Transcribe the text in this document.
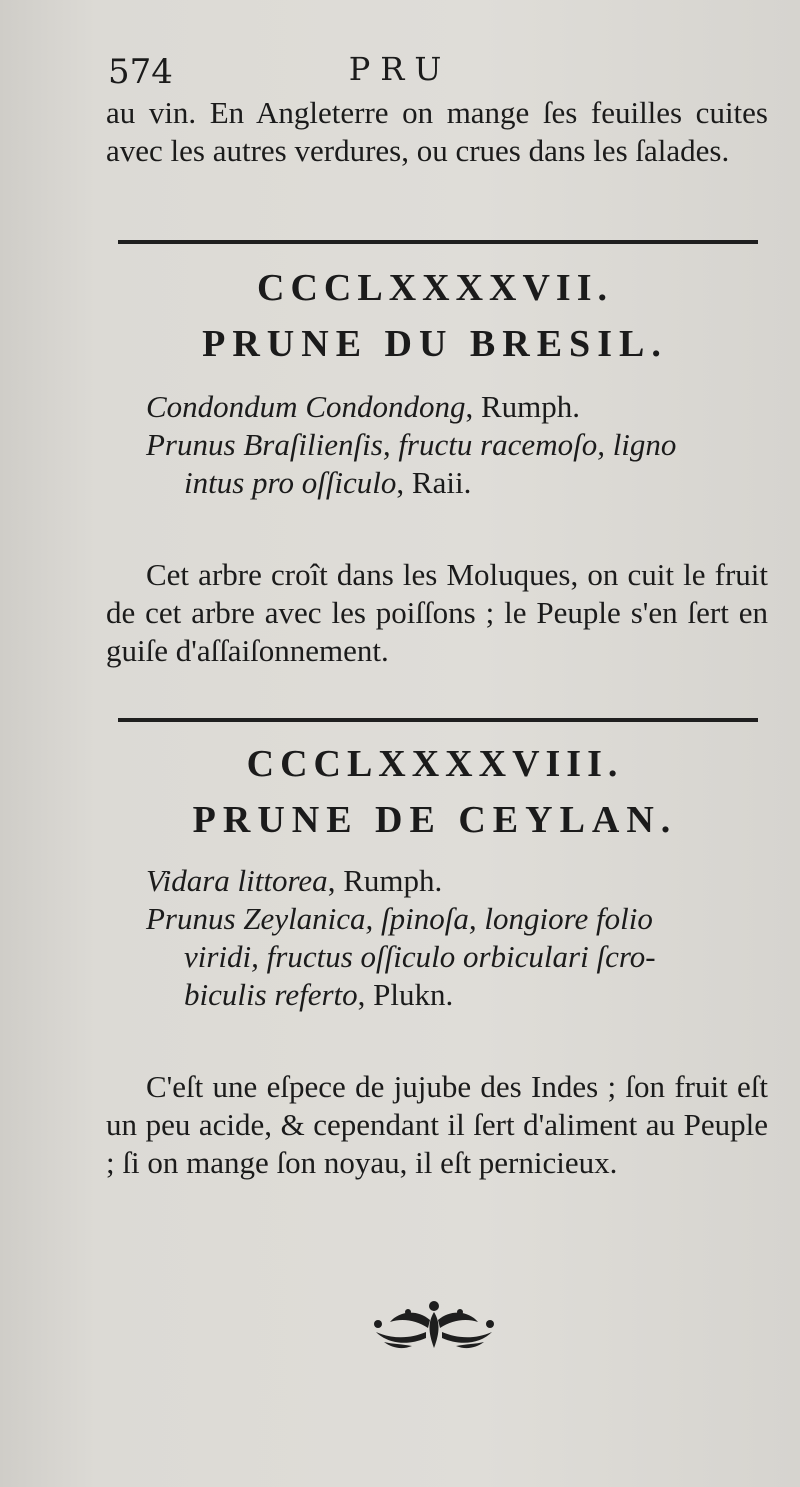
574	PRU

au vin. En Angleterre on mange ſes feuilles cuites avec les autres verdures, ou crues dans les ſalades.

CCCLXXXXVII.
PRUNE DU BRESIL.
Condondum Condondong, Rumph.
Prunus Braſilienſis, fructu racemoſo, ligno
intus pro oſſiculo, Raii.

Cet arbre croît dans les Moluques, on cuit le fruit de cet arbre avec les poiſſons ; le Peuple s'en ſert en guiſe d'aſſaiſonnement.

CCCLXXXXVIII.
PRUNE DE CEYLAN.
Vidara littorea, Rumph.
Prunus Zeylanica, ſpinoſa, longiore folio
viridi, fructus oſſiculo orbiculari ſcro-
biculis referto, Plukn.

C'eſt une eſpece de jujube des Indes ; ſon fruit eſt un peu acide, & cependant il ſert d'aliment au Peuple ; ſi on mange ſon noyau, il eſt pernicieux.
